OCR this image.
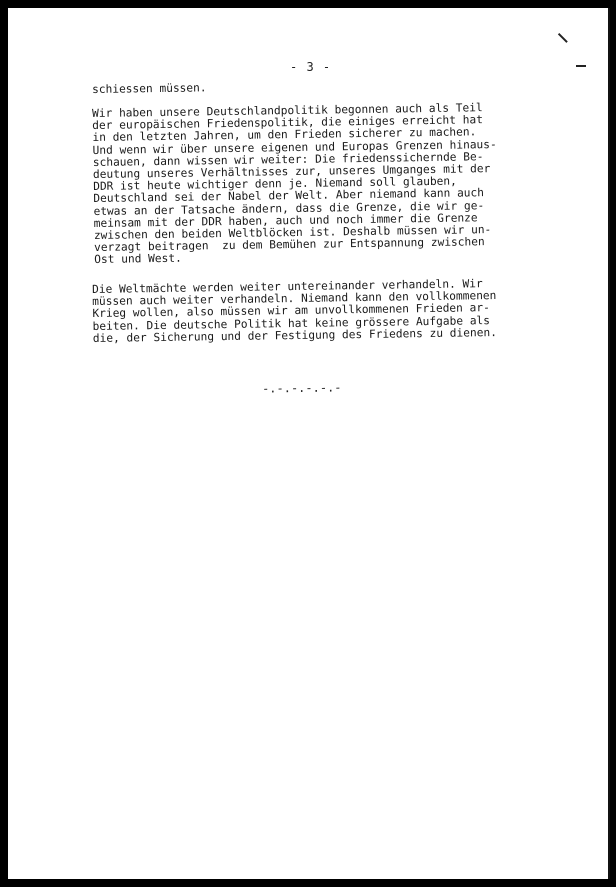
- 3 -

schiessen müssen.

Wir haben unsere Deutschlandpolitik begonnen auch als Teil
der europäischen Friedenspolitik, die einiges erreicht hat
in den letzten Jahren, um den Frieden sicherer zu machen.
Und wenn wir über unsere eigenen und Europas Grenzen hinaus-
schauen, dann wissen wir weiter: Die friedenssichernde Be-
deutung unseres Verhältnisses zur, unseres Umganges mit der
DDR ist heute wichtiger denn je. Niemand soll glauben,
Deutschland sei der Nabel der Welt. Aber niemand kann auch
etwas an der Tatsache ändern, dass die Grenze, die wir ge-
meinsam mit der DDR haben, auch und noch immer die Grenze
zwischen den beiden Weltblöcken ist. Deshalb müssen wir un-
verzagt beitragen  zu dem Bemühen zur Entspannung zwischen
Ost und West.

Die Weltmächte werden weiter untereinander verhandeln. Wir
müssen auch weiter verhandeln. Niemand kann den vollkommenen
Krieg wollen, also müssen wir am unvollkommenen Frieden ar-
beiten. Die deutsche Politik hat keine grössere Aufgabe als
die, der Sicherung und der Festigung des Friedens zu dienen.

-.-.-.-.-.-
